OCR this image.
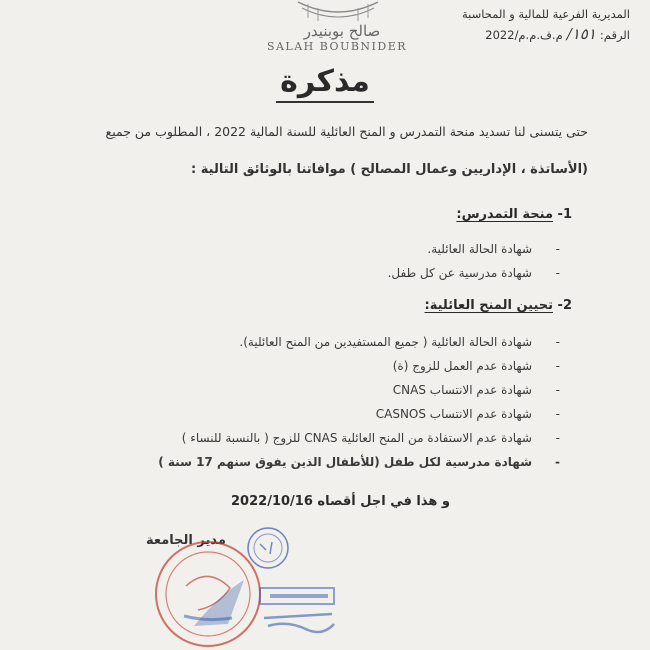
صالح بوبنيدر
SALAH BOUBNIDER
المديرية الفرعية للمالية و المحاسبة
الرقم:
١٥١/
م.ف.م.م/2022
مذكرة
حتى يتسنى لنا تسديد منحة التمدرس و المنح العائلية للسنة المالية 2022 ، المطلوب من جميع
(الأساتذة ، الإداريين وعمال المصالح ) موافاتنا بالوثائق التالية :
1- منحة التمدرس:
- شهادة الحالة العائلية.
- شهادة مدرسية عن كل طفل.
2- تحيين المنح العائلية:
- شهادة الحالة العائلية ( جميع المستفيدين من المنح العائلية).
- شهادة عدم العمل للزوج (ة)
- شهادة عدم الانتساب CNAS
- شهادة عدم الانتساب CASNOS
- شهادة عدم الاستفادة من المنح العائلية CNAS للزوج ( بالنسبة للنساء )
- شهادة مدرسية لكل طفل (للأطفال الذين يفوق سنهم 17 سنة )
و هذا في اجل أقصاه 2022/10/16
مدير الجامعة
